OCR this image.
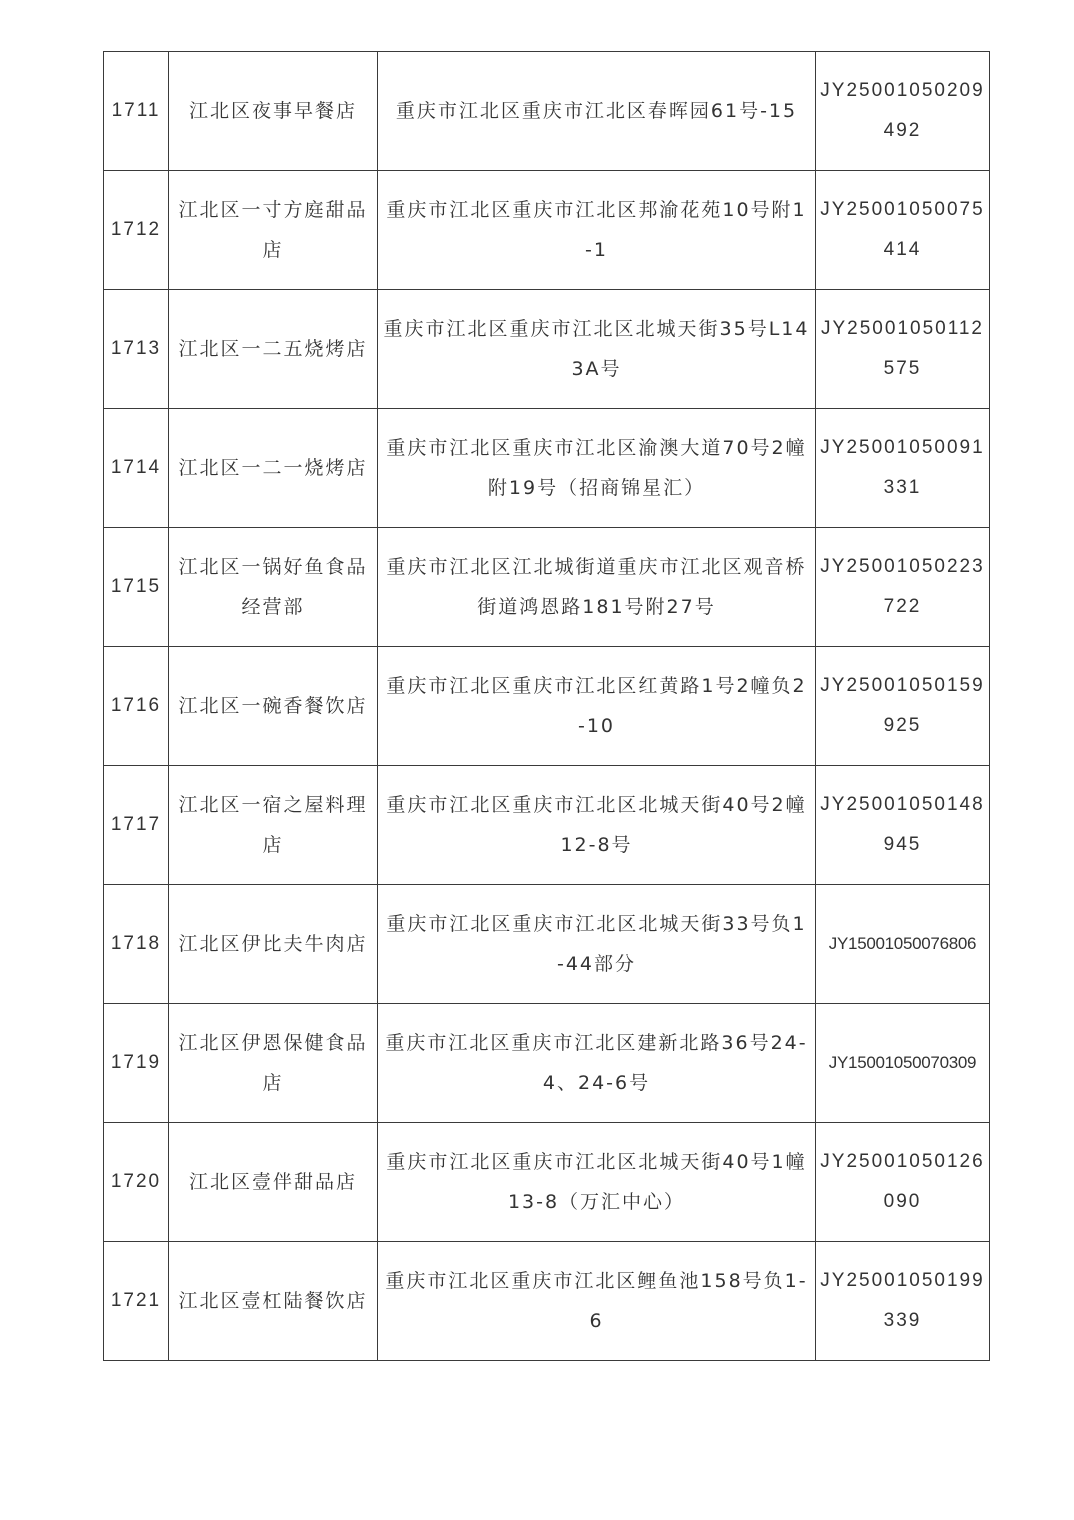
1711	江北区夜事早餐店	重庆市江北区重庆市江北区春晖园61号-15	JY25001050209492
1712	江北区一寸方庭甜品店	重庆市江北区重庆市江北区邦渝花苑10号附1-1	JY25001050075414
1713	江北区一二五烧烤店	重庆市江北区重庆市江北区北城天街35号L143A号	JY25001050112575
1714	江北区一二一烧烤店	重庆市江北区重庆市江北区渝澳大道70号2幢附19号（招商锦星汇）	JY25001050091331
1715	江北区一锅好鱼食品经营部	重庆市江北区江北城街道重庆市江北区观音桥街道鸿恩路181号附27号	JY25001050223722
1716	江北区一碗香餐饮店	重庆市江北区重庆市江北区红黄路1号2幢负2-10	JY25001050159925
1717	江北区一宿之屋料理店	重庆市江北区重庆市江北区北城天街40号2幢12-8号	JY25001050148945
1718	江北区伊比夫牛肉店	重庆市江北区重庆市江北区北城天街33号负1-44部分	JY15001050076806
1719	江北区伊恩保健食品店	重庆市江北区重庆市江北区建新北路36号24-4、24-6号	JY15001050070309
1720	江北区壹伴甜品店	重庆市江北区重庆市江北区北城天街40号1幢13-8（万汇中心）	JY25001050126090
1721	江北区壹杠陆餐饮店	重庆市江北区重庆市江北区鲤鱼池158号负1-6	JY25001050199339
